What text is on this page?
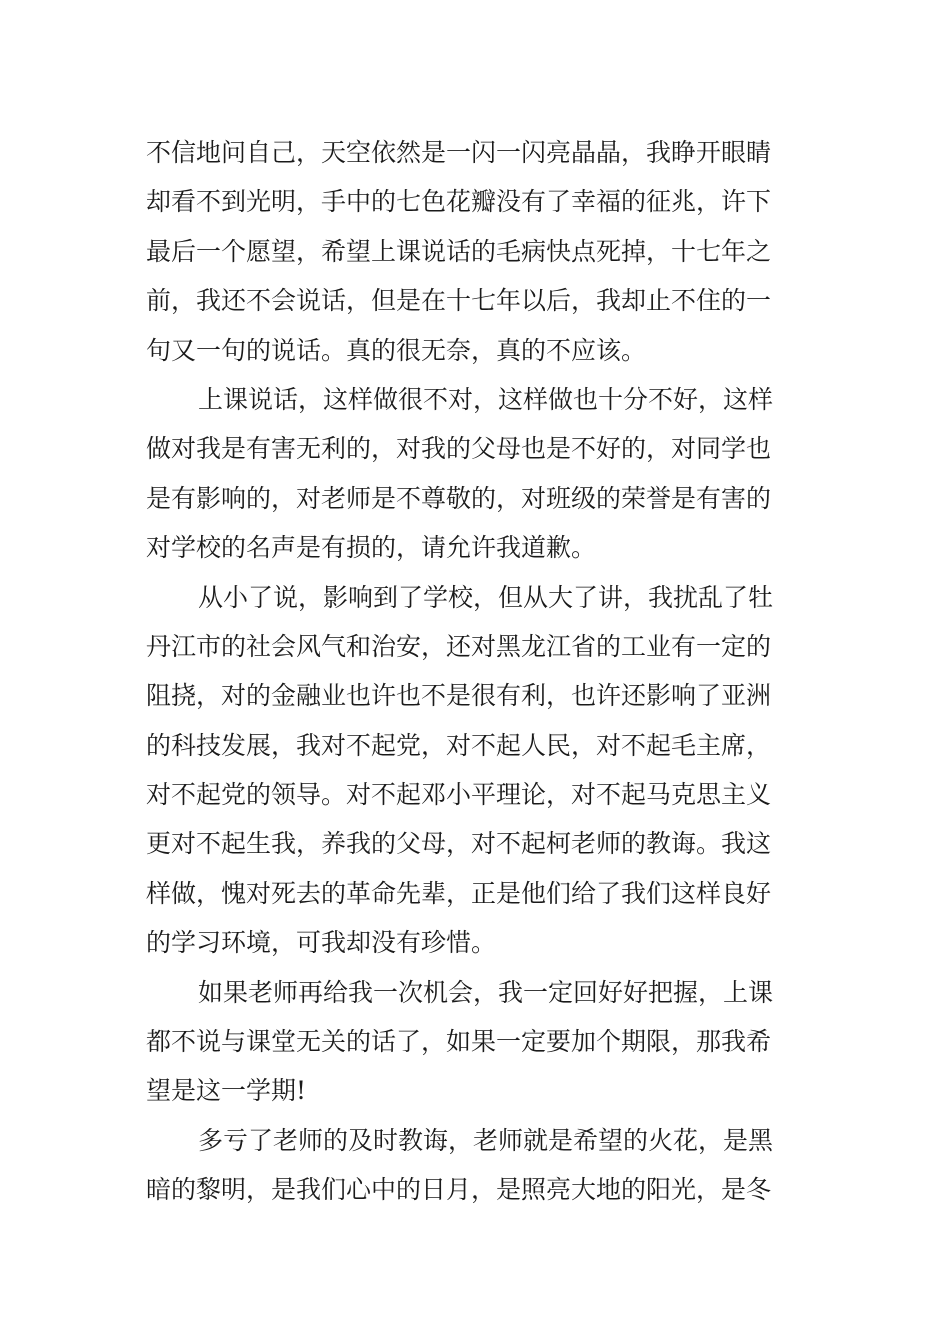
不信地问自己，天空依然是一闪一闪亮晶晶，我睁开眼睛
却看不到光明，手中的七色花瓣没有了幸福的征兆，许下
最后一个愿望，希望上课说话的毛病快点死掉，十七年之
前，我还不会说话，但是在十七年以后，我却止不住的一
句又一句的说话。真的很无奈，真的不应该。
上课说话，这样做很不对，这样做也十分不好，这样
做对我是有害无利的，对我的父母也是不好的，对同学也
是有影响的，对老师是不尊敬的，对班级的荣誉是有害的
对学校的名声是有损的，请允许我道歉。
从小了说，影响到了学校，但从大了讲，我扰乱了牡
丹江市的社会风气和治安，还对黑龙江省的工业有一定的
阻挠，对的金融业也许也不是很有利，也许还影响了亚洲
的科技发展，我对不起党，对不起人民，对不起毛主席，
对不起党的领导。对不起邓小平理论，对不起马克思主义
更对不起生我，养我的父母，对不起柯老师的教诲。我这
样做，愧对死去的革命先辈，正是他们给了我们这样良好
的学习环境，可我却没有珍惜。
如果老师再给我一次机会，我一定回好好把握，上课
都不说与课堂无关的话了，如果一定要加个期限，那我希
望是这一学期!
多亏了老师的及时教诲，老师就是希望的火花，是黑
暗的黎明，是我们心中的日月，是照亮大地的阳光，是冬
